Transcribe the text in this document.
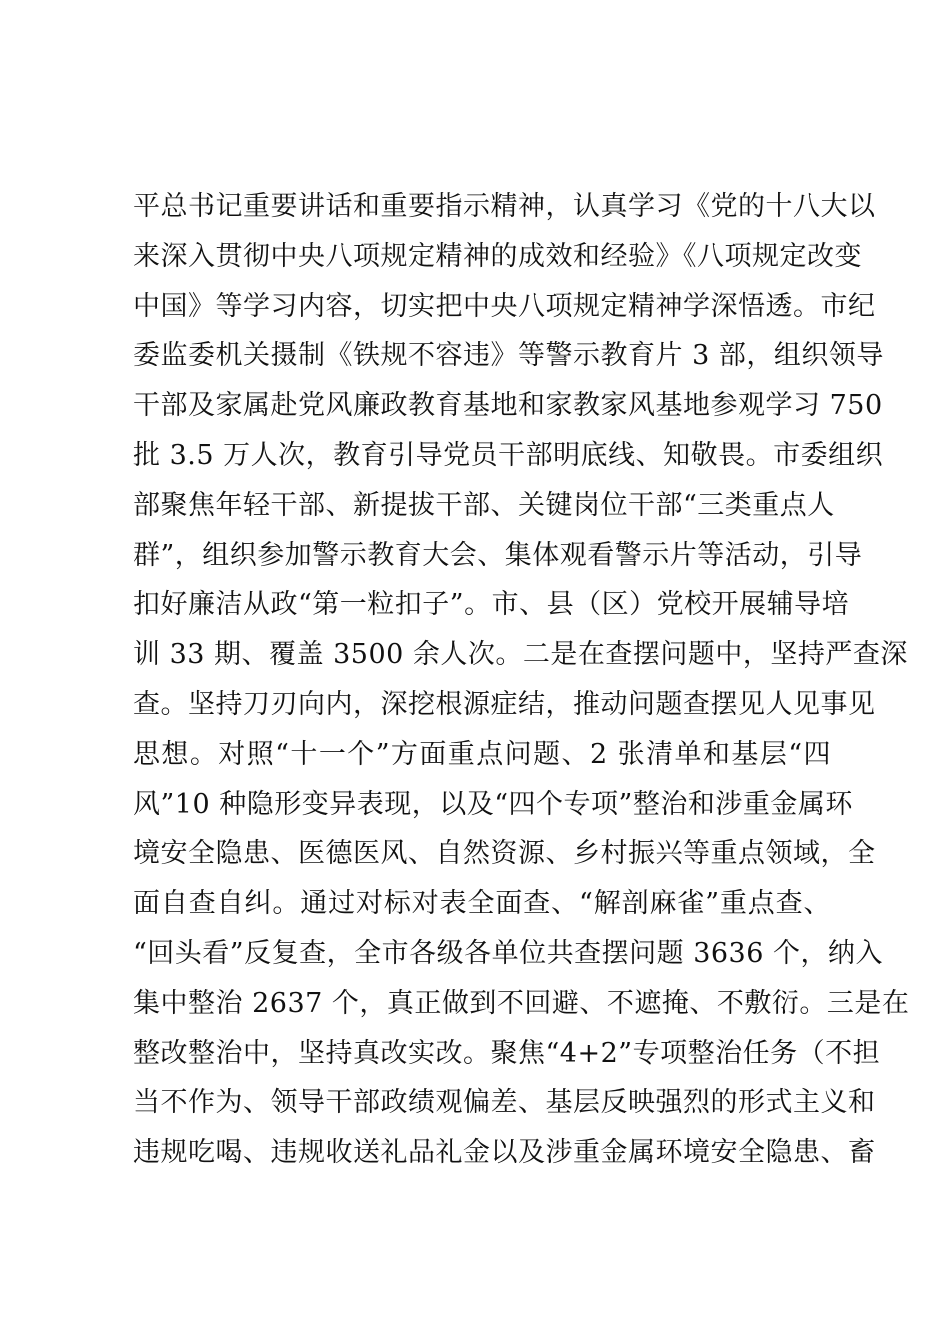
平总书记重要讲话和重要指示精神，认真学习《党的十八大以
来深入贯彻中央八项规定精神的成效和经验》《八项规定改变
中国》等学习内容，切实把中央八项规定精神学深悟透。市纪
委监委机关摄制《铁规不容违》等警示教育片 3 部，组织领导
干部及家属赴党风廉政教育基地和家教家风基地参观学习 750
批 3.5 万人次，教育引导党员干部明底线、知敬畏。市委组织
部聚焦年轻干部、新提拔干部、关键岗位干部“三类重点人
群”，组织参加警示教育大会、集体观看警示片等活动，引导
扣好廉洁从政“第一粒扣子”。市、县（区）党校开展辅导培
训 33 期、覆盖 3500 余人次。二是在查摆问题中，坚持严查深
查。坚持刀刃向内，深挖根源症结，推动问题查摆见人见事见
思想。对照“十一个”方面重点问题、2 张清单和基层“四
风”10 种隐形变异表现，以及“四个专项”整治和涉重金属环
境安全隐患、医德医风、自然资源、乡村振兴等重点领域，全
面自查自纠。通过对标对表全面查、“解剖麻雀”重点查、
“回头看”反复查，全市各级各单位共查摆问题 3636 个，纳入
集中整治 2637 个，真正做到不回避、不遮掩、不敷衍。三是在
整改整治中，坚持真改实改。聚焦“4+2”专项整治任务（不担
当不作为、领导干部政绩观偏差、基层反映强烈的形式主义和
违规吃喝、违规收送礼品礼金以及涉重金属环境安全隐患、畜
